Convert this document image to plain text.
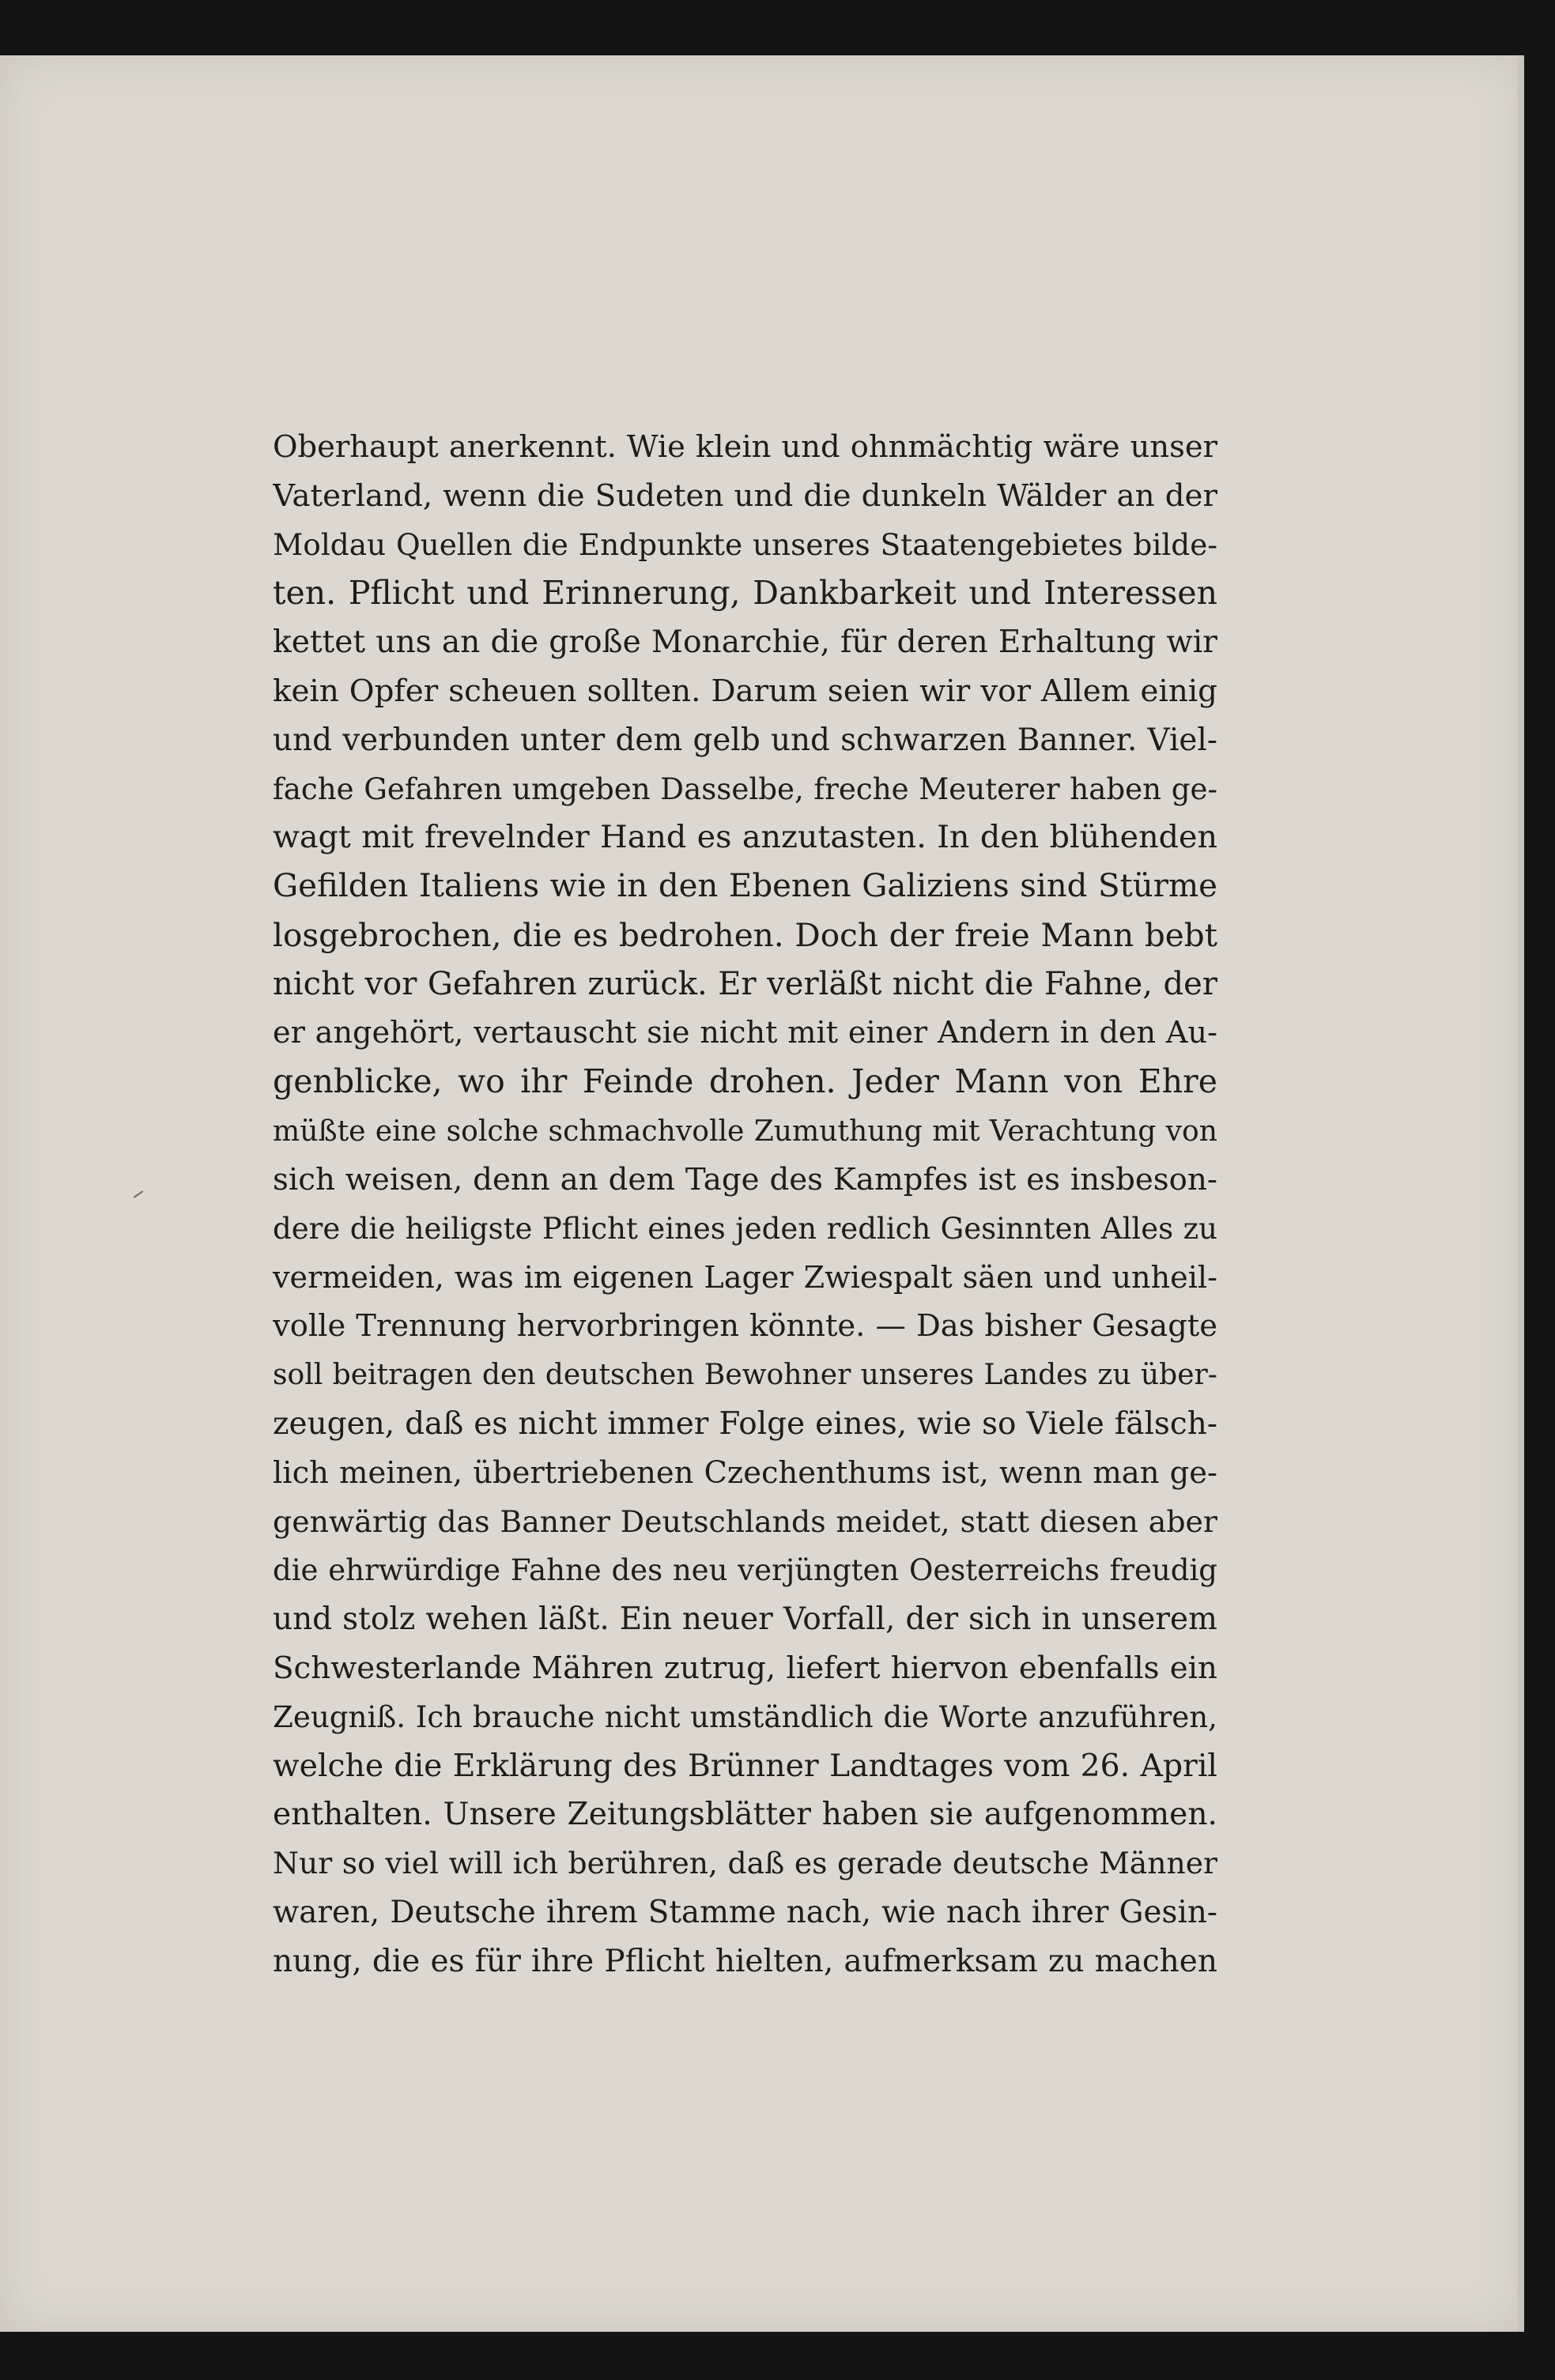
Oberhaupt anerkennt. Wie klein und ohnmächtig wäre unser
Vaterland, wenn die Sudeten und die dunkeln Wälder an der
Moldau Quellen die Endpunkte unseres Staatengebietes bilde-
ten. Pflicht und Erinnerung, Dankbarkeit und Interessen
kettet uns an die große Monarchie, für deren Erhaltung wir
kein Opfer scheuen sollten. Darum seien wir vor Allem einig
und verbunden unter dem gelb und schwarzen Banner. Viel-
fache Gefahren umgeben Dasselbe, freche Meuterer haben ge-
wagt mit frevelnder Hand es anzutasten. In den blühenden
Gefilden Italiens wie in den Ebenen Galiziens sind Stürme
losgebrochen, die es bedrohen. Doch der freie Mann bebt
nicht vor Gefahren zurück. Er verläßt nicht die Fahne, der
er angehört, vertauscht sie nicht mit einer Andern in den Au-
genblicke, wo ihr Feinde drohen. Jeder Mann von Ehre
müßte eine solche schmachvolle Zumuthung mit Verachtung von
sich weisen, denn an dem Tage des Kampfes ist es insbeson-
dere die heiligste Pflicht eines jeden redlich Gesinnten Alles zu
vermeiden, was im eigenen Lager Zwiespalt säen und unheil-
volle Trennung hervorbringen könnte. — Das bisher Gesagte
soll beitragen den deutschen Bewohner unseres Landes zu über-
zeugen, daß es nicht immer Folge eines, wie so Viele fälsch-
lich meinen, übertriebenen Czechenthums ist, wenn man ge-
genwärtig das Banner Deutschlands meidet, statt diesen aber
die ehrwürdige Fahne des neu verjüngten Oesterreichs freudig
und stolz wehen läßt. Ein neuer Vorfall, der sich in unserem
Schwesterlande Mähren zutrug, liefert hiervon ebenfalls ein
Zeugniß. Ich brauche nicht umständlich die Worte anzuführen,
welche die Erklärung des Brünner Landtages vom 26. April
enthalten. Unsere Zeitungsblätter haben sie aufgenommen.
Nur so viel will ich berühren, daß es gerade deutsche Männer
waren, Deutsche ihrem Stamme nach, wie nach ihrer Gesin-
nung, die es für ihre Pflicht hielten, aufmerksam zu machen
